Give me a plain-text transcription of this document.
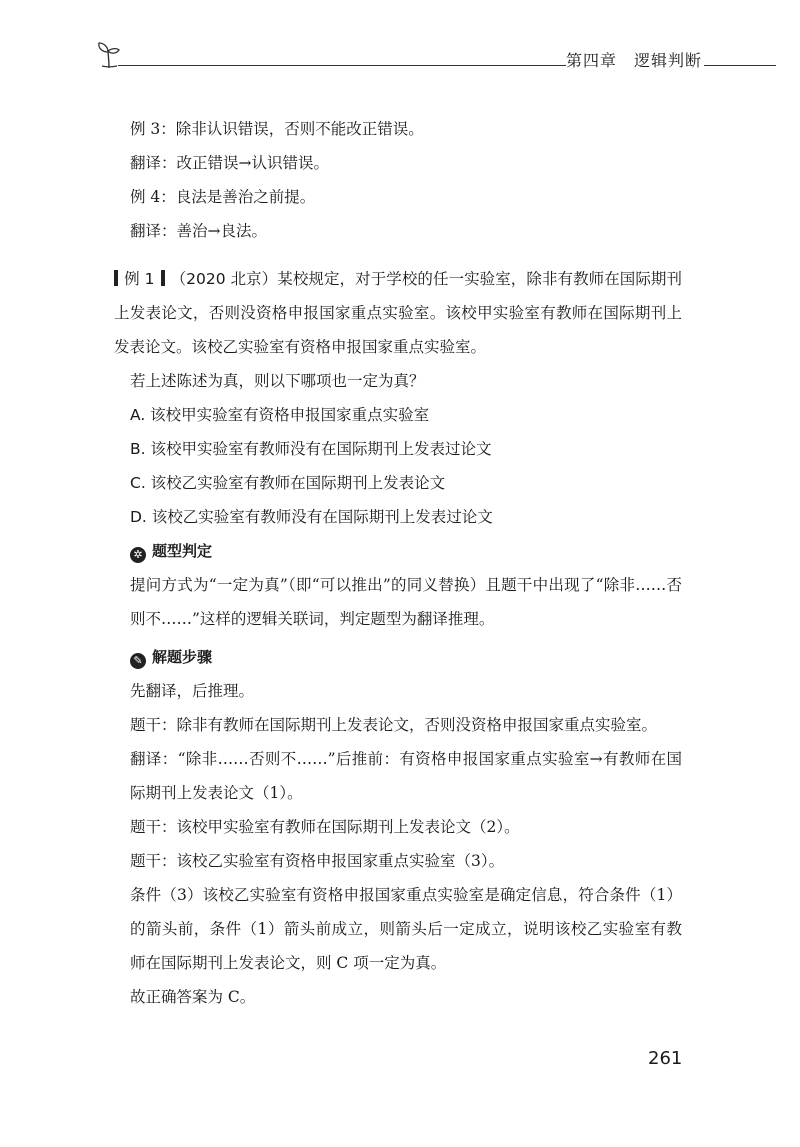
第四章　逻辑判断
例 3：除非认识错误，否则不能改正错误。
翻译：改正错误→认识错误。
例 4：良法是善治之前提。
翻译：善治→良法。
例 1 （2020 北京）某校规定，对于学校的任一实验室，除非有教师在国际期刊上发表论文，否则没资格申报国家重点实验室。该校甲实验室有教师在国际期刊上发表论文。该校乙实验室有资格申报国家重点实验室。
若上述陈述为真，则以下哪项也一定为真？
A. 该校甲实验室有资格申报国家重点实验室
B. 该校甲实验室有教师没有在国际期刊上发表过论文
C. 该校乙实验室有教师在国际期刊上发表论文
D. 该校乙实验室有教师没有在国际期刊上发表过论文
✲ 题型判定
提问方式为“一定为真”（即“可以推出”的同义替换）且题干中出现了“除非……否则不……”这样的逻辑关联词，判定题型为翻译推理。
✎ 解题步骤
先翻译，后推理。
题干：除非有教师在国际期刊上发表论文，否则没资格申报国家重点实验室。
翻译：“除非……否则不……”后推前：有资格申报国家重点实验室→有教师在国际期刊上发表论文（1）。
题干：该校甲实验室有教师在国际期刊上发表论文（2）。
题干：该校乙实验室有资格申报国家重点实验室（3）。
条件（3）该校乙实验室有资格申报国家重点实验室是确定信息，符合条件（1）的箭头前，条件（1）箭头前成立，则箭头后一定成立，说明该校乙实验室有教师在国际期刊上发表论文，则 C 项一定为真。
故正确答案为 C。
261
